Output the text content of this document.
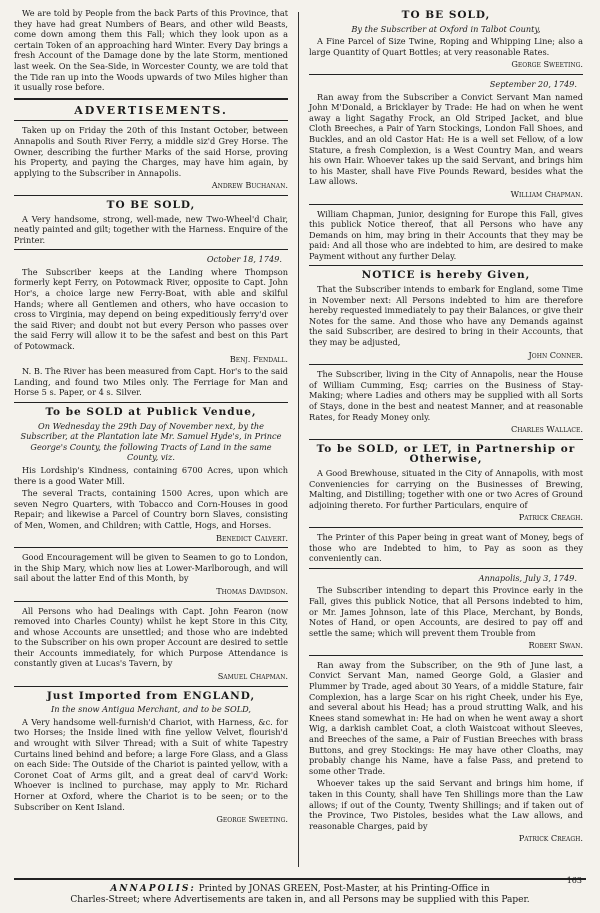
We are told by People from the back Parts of this Province, that they have had great Numbers of Bears, and other wild Beasts, come down among them this Fall; which they look upon as a certain Token of an approaching hard Winter. Every Day brings a fresh Account of the Damage done by the late Storm, mentioned last week. On the Sea-Side, in Worcester County, we are told that the Tide ran up into the Woods upwards of two Miles higher than it usually rose before.

ADVERTISEMENTS.

Taken up on Friday the 20th of this Instant October, between Annapolis and South River Ferry, a middle siz'd Grey Horse. The Owner, describing the further Marks of the said Horse, proving his Property, and paying the Charges, may have him again, by applying to the Subscriber in Annapolis.

Andrew Buchanan.
TO BE SOLD,

A Very handsome, strong, well-made, new Two-Wheel'd Chair, neatly painted and gilt; together with the Harness. Enquire of the Printer.

October 18, 1749.

The Subscriber keeps at the Landing where Thompson formerly kept Ferry, on Potowmack River, opposite to Capt. John Hor's, a choice large new Ferry-Boat, with able and skilful Hands; where all Gentlemen and others, who have occasion to cross to Virginia, may depend on being expeditiously ferry'd over the said River; and doubt not but every Person who passes over the said Ferry will allow it to be the safest and best on this Part of Potowmack.

Benj. Fendall.

N. B. The River has been measured from Capt. Hor's to the said Landing, and found two Miles only. The Ferriage for Man and Horse 5 s. Paper, or 4 s. Silver.

To be SOLD at Publick Vendue,
On Wednesday the 29th Day of November next, by the Subscriber, at the Plantation late Mr. Samuel Hyde's, in Prince George's County, the following Tracts of Land in the same County, viz.

His Lordship's Kindness, containing 6700 Acres, upon which there is a good Water Mill.

The several Tracts, containing 1500 Acres, upon which are seven Negro Quarters, with Tobacco and Corn-Houses in good Repair; and likewise a Parcel of Country born Slaves, consisting of Men, Women, and Children; with Cattle, Hogs, and Horses.

Benedict Calvert.

Good Encouragement will be given to Seamen to go to London, in the Ship Mary, which now lies at Lower-Marlborough, and will sail about the latter End of this Month, by

Thomas Davidson.

All Persons who had Dealings with Capt. John Fearon (now removed into Charles County) whilst he kept Store in this City, and whose Accounts are unsettled; and those who are indebted to the Subscriber on his own proper Account are desired to settle their Accounts immediately, for which Purpose Attendance is constantly given at Lucas's Tavern, by

Samuel Chapman.
Just Imported from ENGLAND,
In the snow Antigua Merchant, and to be SOLD,

A Very handsome well-furnish'd Chariot, with Harness, &c. for two Horses; the Inside lined with fine yellow Velvet, flourish'd and wrought with Silver Thread; with a Suit of white Tapestry Curtains lined behind and before; a large Fore Glass, and a Glass on each Side: The Outside of the Chariot is painted yellow, with a Coronet Coat of Arms gilt, and a great deal of carv'd Work: Whoever is inclined to purchase, may apply to Mr. Richard Horner at Oxford, where the Chariot is to be seen; or to the Subscriber on Kent Island.

George Sweeting.
TO BE SOLD,
By the Subscriber at Oxford in Talbot County,

A Fine Parcel of Size Twine, Roping and Whipping Line; also a large Quantity of Quart Bottles; at very reasonable Rates.

George Sweeting.
September 20, 1749.

Ran away from the Subscriber a Convict Servant Man named John M'Donald, a Bricklayer by Trade: He had on when he went away a light Sagathy Frock, an Old Striped Jacket, and blue Cloth Breeches, a Pair of Yarn Stockings, London Fall Shoes, and Buckles, and an old Castor Hat: He is a well set Fellow, of a low Stature, a fresh Complexion, is a West Country Man, and wears his own Hair. Whoever takes up the said Servant, and brings him to his Master, shall have Five Pounds Reward, besides what the Law allows.

William Chapman.

William Chapman, Junior, designing for Europe this Fall, gives this publick Notice thereof, that all Persons who have any Demands on him, may bring in their Accounts that they may be paid: And all those who are indebted to him, are desired to make Payment without any further Delay.

NOTICE is hereby Given,

That the Subscriber intends to embark for England, some Time in November next: All Persons indebted to him are therefore hereby requested immediately to pay their Balances, or give their Notes for the same. And those who have any Demands against the said Subscriber, are desired to bring in their Accounts, that they may be adjusted,

John Conner.

The Subscriber, living in the City of Annapolis, near the House of William Cumming, Esq; carries on the Business of Stay-Making; where Ladies and others may be supplied with all Sorts of Stays, done in the best and neatest Manner, and at reasonable Rates, for Ready Money only.

Charles Wallace.
To be SOLD, or LET, in Partnership or Otherwise,

A Good Brewhouse, situated in the City of Annapolis, with most Conveniencies for carrying on the Businesses of Brewing, Malting, and Distilling; together with one or two Acres of Ground adjoining thereto. For further Particulars, enquire of

Patrick Creagh.

The Printer of this Paper being in great want of Money, begs of those who are Indebted to him, to Pay as soon as they conveniently can.

Annapolis, July 3, 1749.

The Subscriber intending to depart this Province early in the Fall, gives this publick Notice, that all Persons indebted to him, or Mr. James Johnson, late of this Place, Merchant, by Bonds, Notes of Hand, or open Accounts, are desired to pay off and settle the same; which will prevent them Trouble from

Robert Swan.

Ran away from the Subscriber, on the 9th of June last, a Convict Servant Man, named George Gold, a Glasier and Plummer by Trade, aged about 30 Years, of a middle Stature, fair Complexion, has a large Scar on his right Cheek, under his Eye, and several about his Head; has a proud strutting Walk, and his Knees stand somewhat in: He had on when he went away a short Wig, a darkish camblet Coat, a cloth Waistcoat without Sleeves, and Breeches of the same, a Pair of Fustian Breeches with brass Buttons, and grey Stockings: He may have other Cloaths, may probably change his Name, have a false Pass, and pretend to some other Trade.

Whoever takes up the said Servant and brings him home, if taken in this County, shall have Ten Shillings more than the Law allows; if out of the County, Twenty Shillings; and if taken out of the Province, Two Pistoles, besides what the Law allows, and reasonable Charges, paid by

Patrick Creagh.
ANNAPOLIS: Printed by JONAS GREEN, Post-Master, at his Printing-Office in
Charles-Street; where Advertisements are taken in, and all Persons may be supplied with this Paper.
163
